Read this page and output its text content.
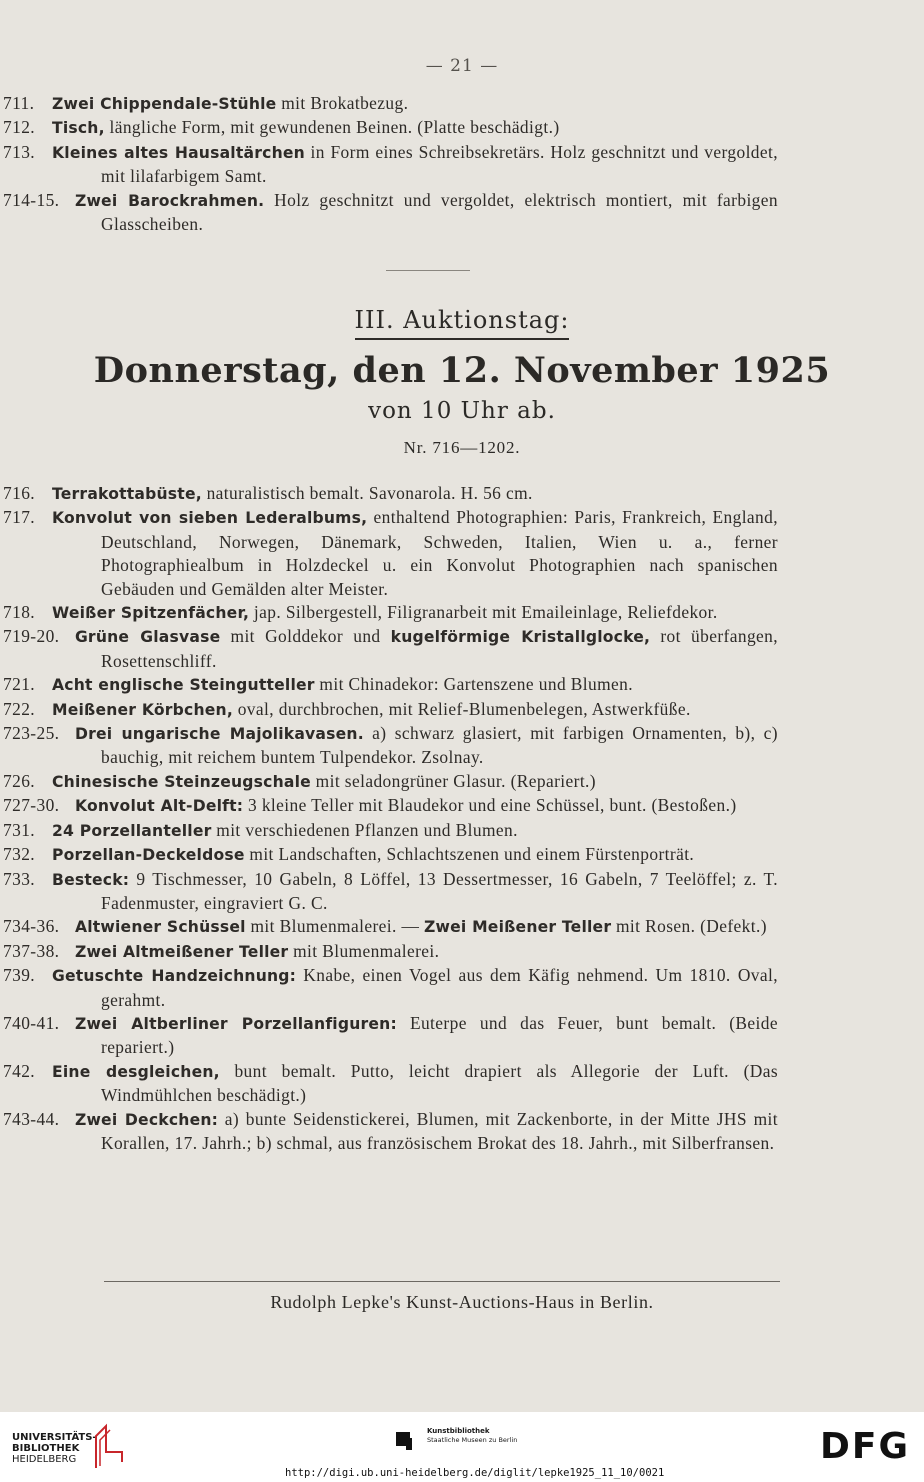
— 21 —
711.Zwei Chippendale-Stühle mit Brokatbezug.
712.Tisch, längliche Form, mit gewundenen Beinen. (Platte beschädigt.)
713.Kleines altes Hausaltärchen in Form eines Schreibsekretärs. Holz geschnitzt und vergoldet, mit lilafarbigem Samt.
714-15.Zwei Barockrahmen. Holz geschnitzt und vergoldet, elektrisch montiert, mit farbigen Glasscheiben.
III. Auktionstag:
Donnerstag, den 12. November 1925
von 10 Uhr ab.
Nr. 716—1202.
716.Terrakottabüste, naturalistisch bemalt. Savonarola. H. 56 cm.
717.Konvolut von sieben Lederalbums, enthaltend Photographien: Paris, Frankreich, England, Deutschland, Norwegen, Dänemark, Schweden, Italien, Wien u. a., ferner Photographiealbum in Holzdeckel u. ein Konvolut Photographien nach spanischen Gebäuden und Gemälden alter Meister.
718.Weißer Spitzenfächer, jap. Silbergestell, Filigranarbeit mit Emaileinlage, Reliefdekor.
719-20.Grüne Glasvase mit Golddekor und kugelförmige Kristallglocke, rot überfangen, Rosettenschliff.
721.Acht englische Steingutteller mit Chinadekor: Gartenszene und Blumen.
722.Meißener Körbchen, oval, durchbrochen, mit Relief-Blumenbelegen, Astwerkfüße.
723-25.Drei ungarische Majolikavasen. a) schwarz glasiert, mit farbigen Ornamenten, b), c) bauchig, mit reichem buntem Tulpendekor. Zsolnay.
726.Chinesische Steinzeugschale mit seladongrüner Glasur. (Repariert.)
727-30.Konvolut Alt-Delft: 3 kleine Teller mit Blaudekor und eine Schüssel, bunt. (Bestoßen.)
731.24 Porzellanteller mit verschiedenen Pflanzen und Blumen.
732.Porzellan-Deckeldose mit Landschaften, Schlachtszenen und einem Fürstenporträt.
733.Besteck: 9 Tischmesser, 10 Gabeln, 8 Löffel, 13 Dessertmesser, 16 Gabeln, 7 Teelöffel; z. T. Fadenmuster, eingraviert G. C.
734-36.Altwiener Schüssel mit Blumenmalerei. — Zwei Meißener Teller mit Rosen. (Defekt.)
737-38.Zwei Altmeißener Teller mit Blumenmalerei.
739.Getuschte Handzeichnung: Knabe, einen Vogel aus dem Käfig nehmend. Um 1810. Oval, gerahmt.
740-41.Zwei Altberliner Porzellanfiguren: Euterpe und das Feuer, bunt bemalt. (Beide repariert.)
742.Eine desgleichen, bunt bemalt. Putto, leicht drapiert als Allegorie der Luft. (Das Windmühlchen beschädigt.)
743-44.Zwei Deckchen: a) bunte Seidenstickerei, Blumen, mit Zackenborte, in der Mitte JHS mit Korallen, 17. Jahrh.; b) schmal, aus französischem Brokat des 18. Jahrh., mit Silberfransen.
Rudolph Lepke's Kunst-Auctions-Haus in Berlin.
UNIVERSITÄTS-
BIBLIOTHEK
HEIDELBERG
Kunstbibliothek
Staatliche Museen zu Berlin	DFG
http://digi.ub.uni-heidelberg.de/diglit/lepke1925_11_10/0021
